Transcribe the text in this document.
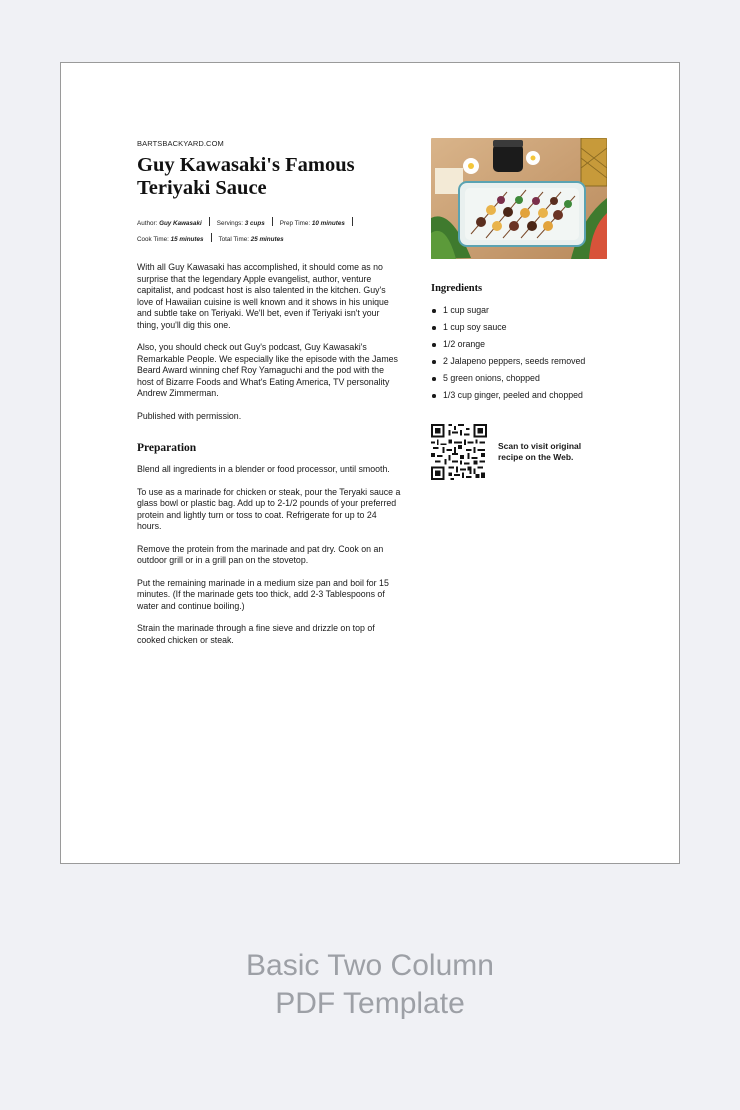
BARTSBACKYARD.COM
Guy Kawasaki's Famous
Teriyaki Sauce
Author: Guy Kawasaki Servings: 3 cups Prep Time: 10 minutes
Cook Time: 15 minutes Total Time: 25 minutes

With all Guy Kawasaki has accomplished, it should come as no surprise that the legendary Apple evangelist, author, venture capitalist, and podcast host is also talented in the kitchen. Guy's love of Hawaiian cuisine is well known and it shows in his unique and subtle take on Teriyaki. We'll bet, even if Teriyaki isn't your thing, you'll dig this one.

Also, you should check out Guy's podcast, Guy Kawasaki's Remarkable People. We especially like the episode with the James Beard Award winning chef Roy Yamaguchi and the pod with the host of Bizarre Foods and What's Eating America, TV personality Andrew Zimmerman.

Published with permission.

Preparation

Blend all ingredients in a blender or food processor, until smooth.

To use as a marinade for chicken or steak, pour the Teryaki sauce a glass bowl or plastic bag. Add up to 2-1/2 pounds of your preferred protein and lightly turn or toss to coat. Refrigerate for up to 24 hours.

Remove the protein from the marinade and pat dry. Cook on an outdoor grill or in a grill pan on the stovetop.

Put the remaining marinade in a medium size pan and boil for 15 minutes. (If the marinade gets too thick, add 2-3 Tablespoons of water and continue boiling.)

Strain the marinade through a fine sieve and drizzle on top of cooked chicken or steak.

Ingredients
1 cup sugar
1 cup soy sauce
1/2 orange
2 Jalapeno peppers, seeds removed
5 green onions, chopped
1/3 cup ginger, peeled and chopped
Scan to visit original
recipe on the Web.
Basic Two Column
PDF Template
